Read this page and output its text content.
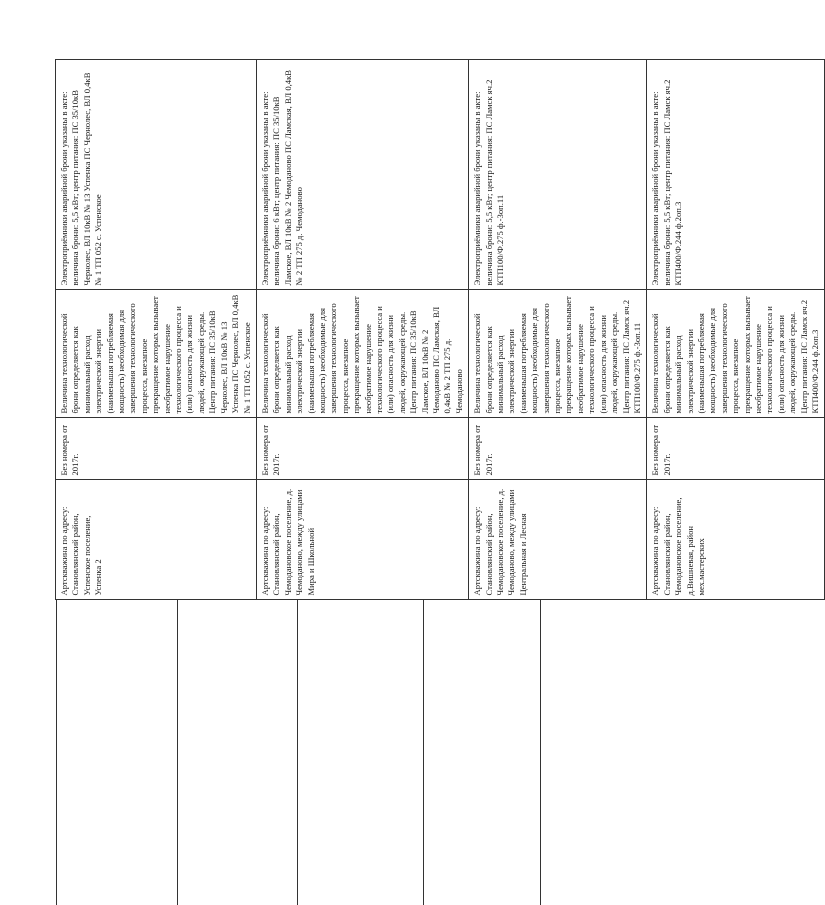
	Артскважина по адресу: Становлянский район, Успенское поселение, Успенка 2	Без номера от 2017г.	Величина технологической брони определяется как минимальный расход электрической энергии (наименьшая потребляемая мощность) необходимая для завершения технологического процесса, внезапное прекращение которых вызывает необратимое нарушение технологического процесса и (или) опасность для жизни людей, окружающей среды. Центр питания: ПС 35/10кВ Чернолес, ВЛ 10кВ № 13 Успенка ПС Чернолес, ВЛ 0,4кВ № 1 ТП 052 с. Успенское	Электроприёмники аварийной брони указаны в акте: величина брони: 5,5 кВт; центр питания: ПС 35/10кВ Чернолес, ВЛ 10кВ № 13 Успенка ПС Чернолес, ВЛ 0,4кВ № 1 ТП 052 с. Успенское
	Артскважина по адресу: Становлянский район, Чемодановское поселение, д. Чемоданово, между улицами Мира и Школьной	Без номера от 2017г.	Величина технологической брони определяется как минимальный расход электрической энергии (наименьшая потребляемая мощность) необходимые для завершения технологического процесса, внезапное прекращение которых вызывает необратимое нарушение технологического процесса и (или) опасность для жизни людей, окружающей среды. Центр питания: ПС 35/10кВ Ламское, ВЛ 10кВ № 2 Чемоданово ПС Ламская, ВЛ 0,4кВ № 2 ТП 275 д. Чемоданово	Электроприёмники аварийной брони указаны в акте: величина брони: 6 кВт; центр питания: ПС 35/10кВ Ламское, ВЛ 10кВ № 2 Чемоданово ПС Ламская, ВЛ 0,4кВ № 2 ТП 275 д. Чемоданово
	Артскважина по адресу: Становлянский район, Чемодановское поселение, д. Чемоданово, между улицами Центральная и Лесная	Без номера от 2017г.	Величина технологической брони определяется как минимальный расход электрической энергии (наименьшая потребляемая мощность) необходимые для завершения технологического процесса, внезапное прекращение которых вызывает необратимое нарушение технологического процесса и (или) опасность для жизни людей, окружающей среды. Центр питания: ПС Ламск яч.2 КТП100/Ф.275 ф.-3оп.11	Электроприёмники аварийной брони указаны в акте: величина брони: 5,5 кВт; центр питания: ПС Ламск яч.2 КТП100/Ф.275 ф.-3оп.11
	Артскважина по адресу: Становлянский район, Чемодановское поселение, д.Вишневая, район мех.мастерских	Без номера от 2017г.	Величина технологической брони определяется как минимальный расход электрической энергии (наименьшая потребляемая мощность) необходимые для завершения технологического процесса, внезапное прекращение которых вызывает необратимое нарушение технологического процесса и (или) опасность для жизни людей, окружающей среды. Центр питания: ПС Ламск яч.2 КТП400/Ф.244 ф.2оп.3	Электроприёмники аварийной брони указаны в акте: величина брони: 5,5 кВт; центр питания: ПС Ламск яч.2 КТП400/Ф.244 ф.2оп.3
